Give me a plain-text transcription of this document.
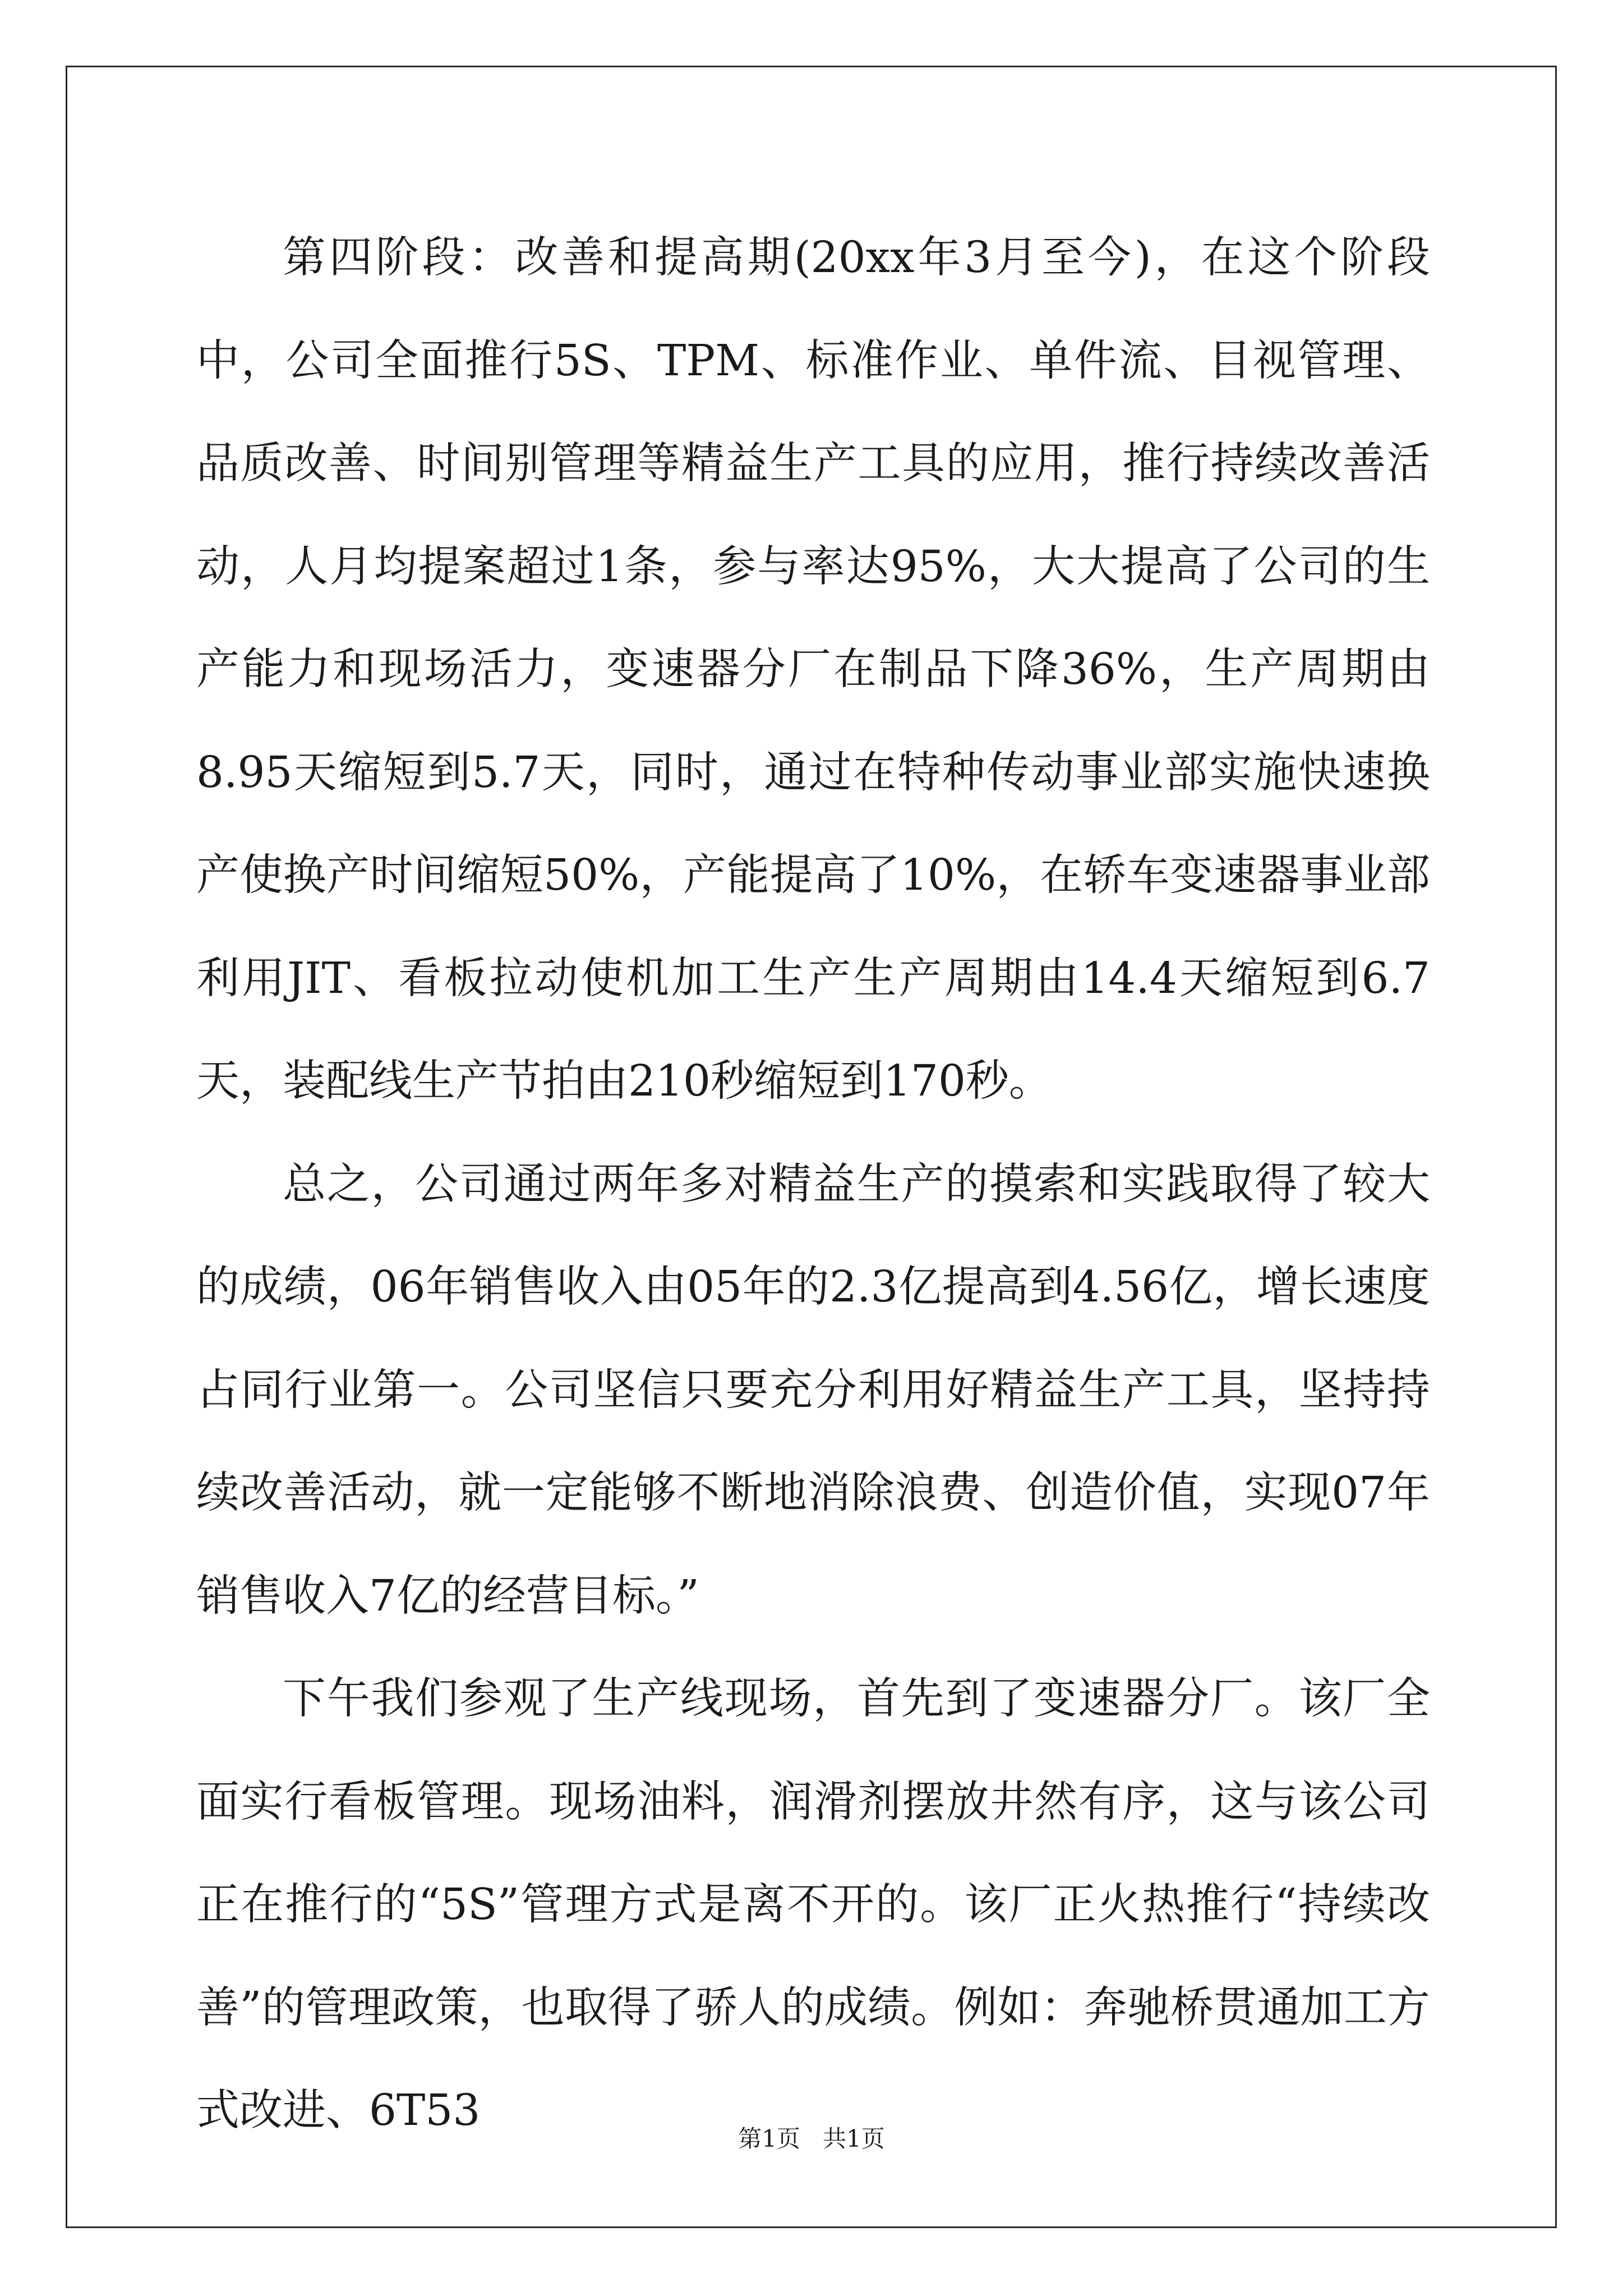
第四阶段：改善和提高期(20xx年3月至今)，在这个阶段中，公司全面推行5S、TPM、标准作业、单件流、目视管理、品质改善、时间别管理等精益生产工具的应用，推行持续改善活动，人月均提案超过1条，参与率达95%，大大提高了公司的生产能力和现场活力，变速器分厂在制品下降36%，生产周期由8.95天缩短到5.7天，同时，通过在特种传动事业部实施快速换产使换产时间缩短50%，产能提高了10%，在轿车变速器事业部利用JIT、看板拉动使机加工生产生产周期由14.4天缩短到6.7天，装配线生产节拍由210秒缩短到170秒。

总之，公司通过两年多对精益生产的摸索和实践取得了较大的成绩，06年销售收入由05年的2.3亿提高到4.56亿，增长速度占同行业第一。公司坚信只要充分利用好精益生产工具，坚持持续改善活动，就一定能够不断地消除浪费、创造价值，实现07年销售收入7亿的经营目标。”

下午我们参观了生产线现场，首先到了变速器分厂。该厂全面实行看板管理。现场油料，润滑剂摆放井然有序，这与该公司正在推行的“5S”管理方式是离不开的。该厂正火热推行“持续改善”的管理政策，也取得了骄人的成绩。例如：奔驰桥贯通加工方式改进、6T53

第1页   共1页
